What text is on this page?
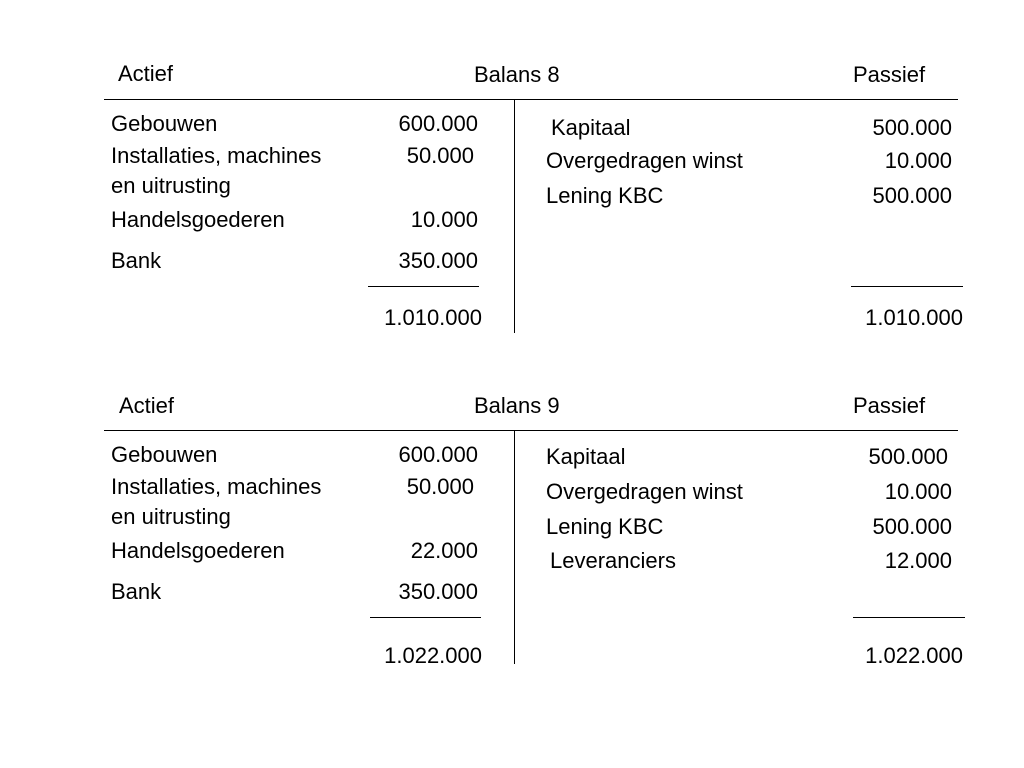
Actief	Balans 8	Passief
Gebouwen	600.000
Installaties, machines
en uitrusting
50.000
Handelsgoederen	10.000
Bank	350.000
1.010.000
Kapitaal	500.000
Overgedragen winst	10.000
Lening KBC	500.000
1.010.000
Actief	Balans 9	Passief
Gebouwen	600.000
Installaties, machines
en uitrusting
50.000
Handelsgoederen	22.000
Bank	350.000
1.022.000
Kapitaal	500.000
Overgedragen winst	10.000
Lening KBC	500.000
Leveranciers	12.000
1.022.000
